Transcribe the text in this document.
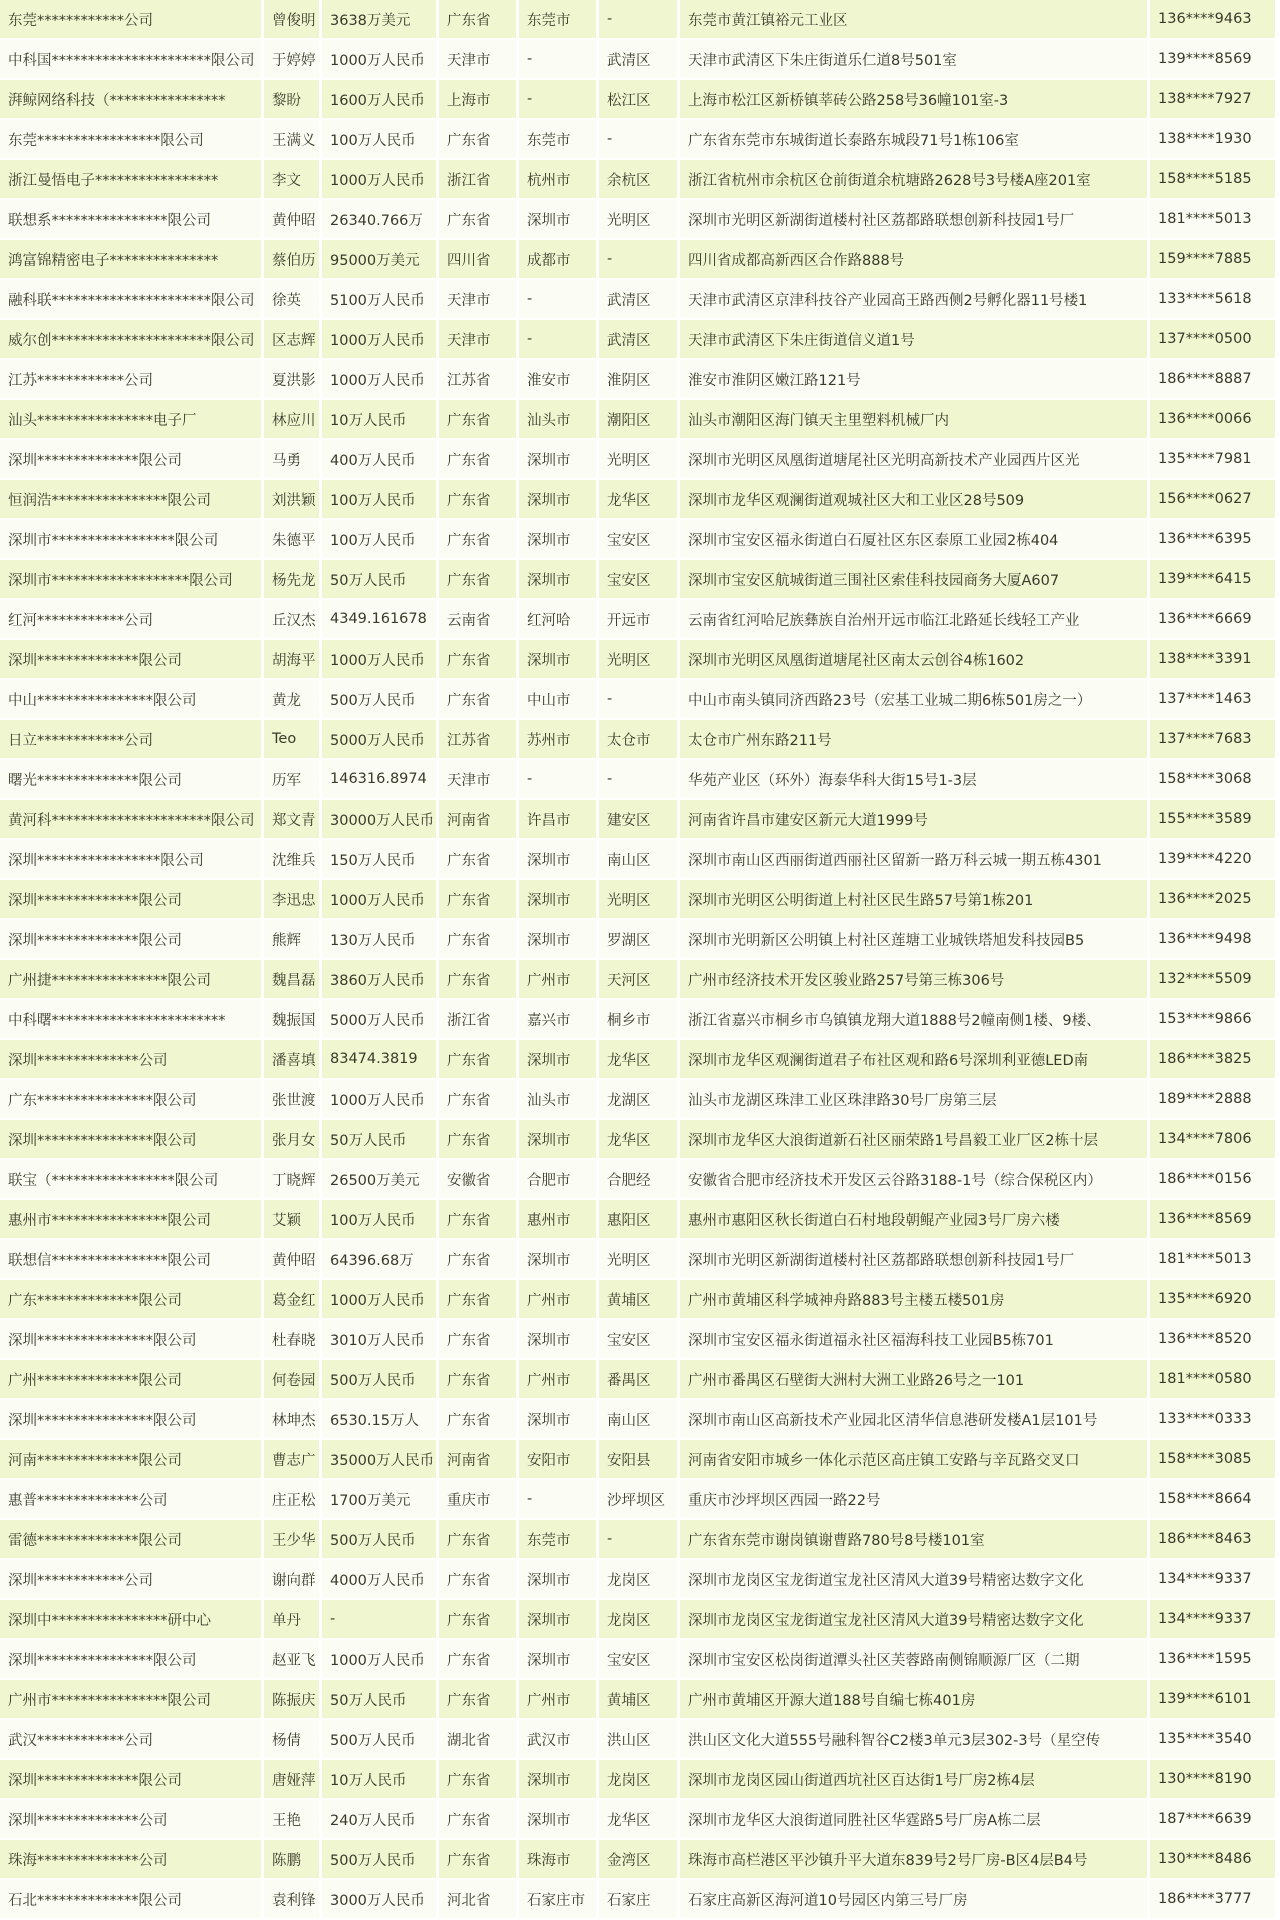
东莞************公司	曾俊明	3638万美元	广东省	东莞市	-	东莞市黄江镇裕元工业区	136****9463
中科国**********************限公司	于婷婷	1000万人民币	天津市	-	武清区	天津市武清区下朱庄街道乐仁道8号501室	139****8569
湃鲸网络科技（****************	黎盼	1600万人民币	上海市	-	松江区	上海市松江区新桥镇莘砖公路258号36幢101室-3	138****7927
东莞*****************限公司	王满义	100万人民币	广东省	东莞市	-	广东省东莞市东城街道长泰路东城段71号1栋106室	138****1930
浙江曼悟电子*****************	李文	1000万人民币	浙江省	杭州市	余杭区	浙江省杭州市余杭区仓前街道余杭塘路2628号3号楼A座201室	158****5185
联想系****************限公司	黄仲昭	26340.766万	广东省	深圳市	光明区	深圳市光明区新湖街道楼村社区荔都路联想创新科技园1号厂	181****5013
鸿富锦精密电子***************	蔡伯历	95000万美元	四川省	成都市	-	四川省成都高新西区合作路888号	159****7885
融科联**********************限公司	徐英	5100万人民币	天津市	-	武清区	天津市武清区京津科技谷产业园高王路西侧2号孵化器11号楼1	133****5618
威尔创**********************限公司	区志辉	1000万人民币	天津市	-	武清区	天津市武清区下朱庄街道信义道1号	137****0500
江苏************公司	夏洪影	1000万人民币	江苏省	淮安市	淮阴区	淮安市淮阴区嫩江路121号	186****8887
汕头****************电子厂	林应川	10万人民币	广东省	汕头市	潮阳区	汕头市潮阳区海门镇天主里塑料机械厂内	136****0066
深圳**************限公司	马勇	400万人民币	广东省	深圳市	光明区	深圳市光明区凤凰街道塘尾社区光明高新技术产业园西片区光	135****7981
恒润浩****************限公司	刘洪颖	100万人民币	广东省	深圳市	龙华区	深圳市龙华区观澜街道观城社区大和工业区28号509	156****0627
深圳市*****************限公司	朱德平	100万人民币	广东省	深圳市	宝安区	深圳市宝安区福永街道白石厦社区东区泰原工业园2栋404	136****6395
深圳市*******************限公司	杨先龙	50万人民币	广东省	深圳市	宝安区	深圳市宝安区航城街道三围社区索佳科技园商务大厦A607	139****6415
红河************公司	丘汉杰	4349.161678	云南省	红河哈	开远市	云南省红河哈尼族彝族自治州开远市临江北路延长线轻工产业	136****6669
深圳**************限公司	胡海平	1000万人民币	广东省	深圳市	光明区	深圳市光明区凤凰街道塘尾社区南太云创谷4栋1602	138****3391
中山****************限公司	黄龙	500万人民币	广东省	中山市	-	中山市南头镇同济西路23号（宏基工业城二期6栋501房之一）	137****1463
日立************公司	Teo	5000万人民币	江苏省	苏州市	太仓市	太仓市广州东路211号	137****7683
曙光**************限公司	历军	146316.8974	天津市	-	-	华苑产业区（环外）海泰华科大街15号1-3层	158****3068
黄河科**********************限公司	郑文青	30000万人民币	河南省	许昌市	建安区	河南省许昌市建安区新元大道1999号	155****3589
深圳*****************限公司	沈维兵	150万人民币	广东省	深圳市	南山区	深圳市南山区西丽街道西丽社区留新一路万科云城一期五栋4301	139****4220
深圳**************限公司	李迅忠	1000万人民币	广东省	深圳市	光明区	深圳市光明区公明街道上村社区民生路57号第1栋201	136****2025
深圳**************限公司	熊辉	130万人民币	广东省	深圳市	罗湖区	深圳市光明新区公明镇上村社区莲塘工业城铁塔旭发科技园B5	136****9498
广州捷****************限公司	魏昌磊	3860万人民币	广东省	广州市	天河区	广州市经济技术开发区骏业路257号第三栋306号	132****5509
中科曙************************	魏振国	5000万人民币	浙江省	嘉兴市	桐乡市	浙江省嘉兴市桐乡市乌镇镇龙翔大道1888号2幢南侧1楼、9楼、	153****9866
深圳**************公司	潘喜填	83474.3819	广东省	深圳市	龙华区	深圳市龙华区观澜街道君子布社区观和路6号深圳利亚德LED南	186****3825
广东****************限公司	张世渡	1000万人民币	广东省	汕头市	龙湖区	汕头市龙湖区珠津工业区珠津路30号厂房第三层	189****2888
深圳****************限公司	张月女	50万人民币	广东省	深圳市	龙华区	深圳市龙华区大浪街道新石社区丽荣路1号昌毅工业厂区2栋十层	134****7806
联宝（*****************限公司	丁晓辉	26500万美元	安徽省	合肥市	合肥经	安徽省合肥市经济技术开发区云谷路3188-1号（综合保税区内）	186****0156
惠州市****************限公司	艾颖	100万人民币	广东省	惠州市	惠阳区	惠州市惠阳区秋长街道白石村地段朝鲲产业园3号厂房六楼	136****8569
联想信****************限公司	黄仲昭	64396.68万	广东省	深圳市	光明区	深圳市光明区新湖街道楼村社区荔都路联想创新科技园1号厂	181****5013
广东**************限公司	葛金红	1000万人民币	广东省	广州市	黄埔区	广州市黄埔区科学城神舟路883号主楼五楼501房	135****6920
深圳****************限公司	杜春晓	3010万人民币	广东省	深圳市	宝安区	深圳市宝安区福永街道福永社区福海科技工业园B5栋701	136****8520
广州**************限公司	何卷园	500万人民币	广东省	广州市	番禺区	广州市番禺区石壁街大洲村大洲工业路26号之一101	181****0580
深圳****************限公司	林坤杰	6530.15万人	广东省	深圳市	南山区	深圳市南山区高新技术产业园北区清华信息港研发楼A1层101号	133****0333
河南**************限公司	曹志广	35000万人民币	河南省	安阳市	安阳县	河南省安阳市城乡一体化示范区高庄镇工安路与辛瓦路交叉口	158****3085
惠普**************公司	庄正松	1700万美元	重庆市	-	沙坪坝区	重庆市沙坪坝区西园一路22号	158****8664
雷德**************限公司	王少华	500万人民币	广东省	东莞市	-	广东省东莞市谢岗镇谢曹路780号8号楼101室	186****8463
深圳************公司	谢向群	4000万人民币	广东省	深圳市	龙岗区	深圳市龙岗区宝龙街道宝龙社区清风大道39号精密达数字文化	134****9337
深圳中****************研中心	单丹	-	广东省	深圳市	龙岗区	深圳市龙岗区宝龙街道宝龙社区清风大道39号精密达数字文化	134****9337
深圳****************限公司	赵亚飞	1000万人民币	广东省	深圳市	宝安区	深圳市宝安区松岗街道潭头社区芙蓉路南侧锦顺源厂区（二期	136****1595
广州市****************限公司	陈振庆	50万人民币	广东省	广州市	黄埔区	广州市黄埔区开源大道188号自编七栋401房	139****6101
武汉************公司	杨倩	500万人民币	湖北省	武汉市	洪山区	洪山区文化大道555号融科智谷C2楼3单元3层302-3号（星空传	135****3540
深圳**************限公司	唐娅萍	10万人民币	广东省	深圳市	龙岗区	深圳市龙岗区园山街道西坑社区百达街1号厂房2栋4层	130****8190
深圳**************公司	王艳	240万人民币	广东省	深圳市	龙华区	深圳市龙华区大浪街道同胜社区华霆路5号厂房A栋二层	187****6639
珠海**************公司	陈鹏	500万人民币	广东省	珠海市	金湾区	珠海市高栏港区平沙镇升平大道东839号2号厂房-B区4层B4号	130****8486
石北**************限公司	袁利锋	3000万人民币	河北省	石家庄市	石家庄	石家庄高新区海河道10号园区内第三号厂房	186****3777
